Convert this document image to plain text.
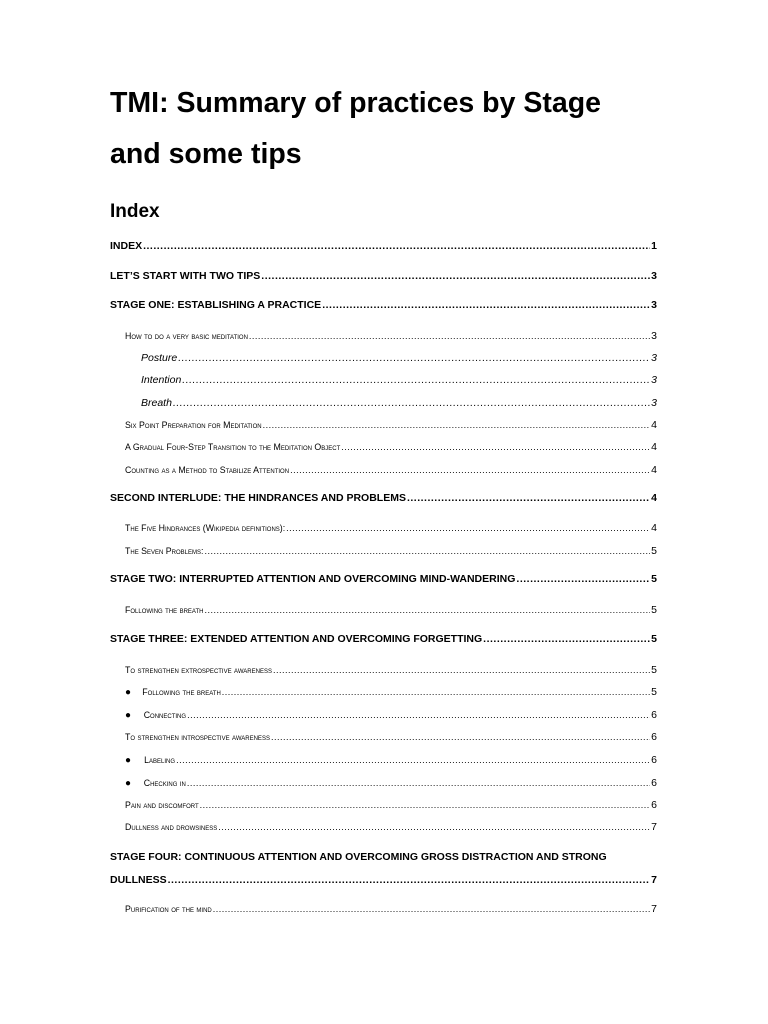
TMI: Summary of practices by Stage
and some tips
Index
INDEX .....	1
LET’S START WITH TWO TIPS .....	3
STAGE ONE: ESTABLISHING A PRACTICE .....	3
How to do a very basic meditation .....	3
Posture .....	3
Intention .....	3
Breath .....	3
Six Point Preparation for Meditation .....	4
A Gradual Four-Step Transition to the Meditation Object .....	4
Counting as a Method to Stabilize Attention .....	4
SECOND INTERLUDE: THE HINDRANCES AND PROBLEMS .....	4
The Five Hindrances (Wikipedia definitions): .....	4
The Seven Problems: .....	5
STAGE TWO: INTERRUPTED ATTENTION AND OVERCOMING MIND-WANDERING .....	5
Following the breath .....	5
STAGE THREE: EXTENDED ATTENTION AND OVERCOMING FORGETTING .....	5
To strengthen extrospective awareness .....	5
●	Following the breath .....	5
●	Connecting .....	6
To strengthen introspective awareness .....	6
●	Labeling .....	6
●	Checking in .....	6
Pain and discomfort .....	6
Dullness and drowsiness .....	7
STAGE FOUR: CONTINUOUS ATTENTION AND OVERCOMING GROSS DISTRACTION AND STRONG
DULLNESS .....	7
Purification of the mind .....	7
